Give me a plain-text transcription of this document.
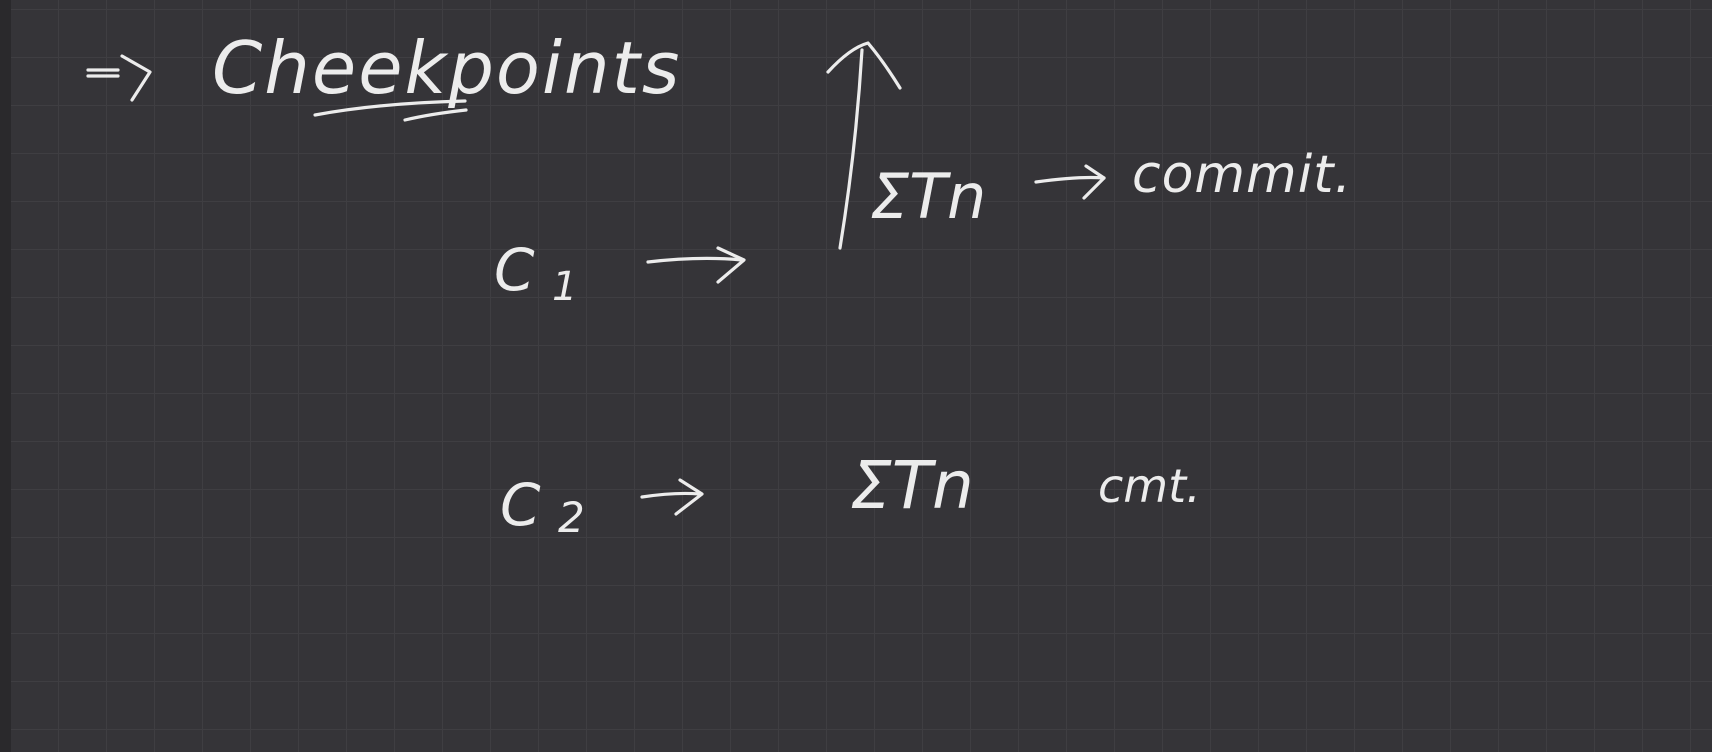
Cheekpoints
C 1
ΣTn	commit.
C 2	ΣTn	cmt.
